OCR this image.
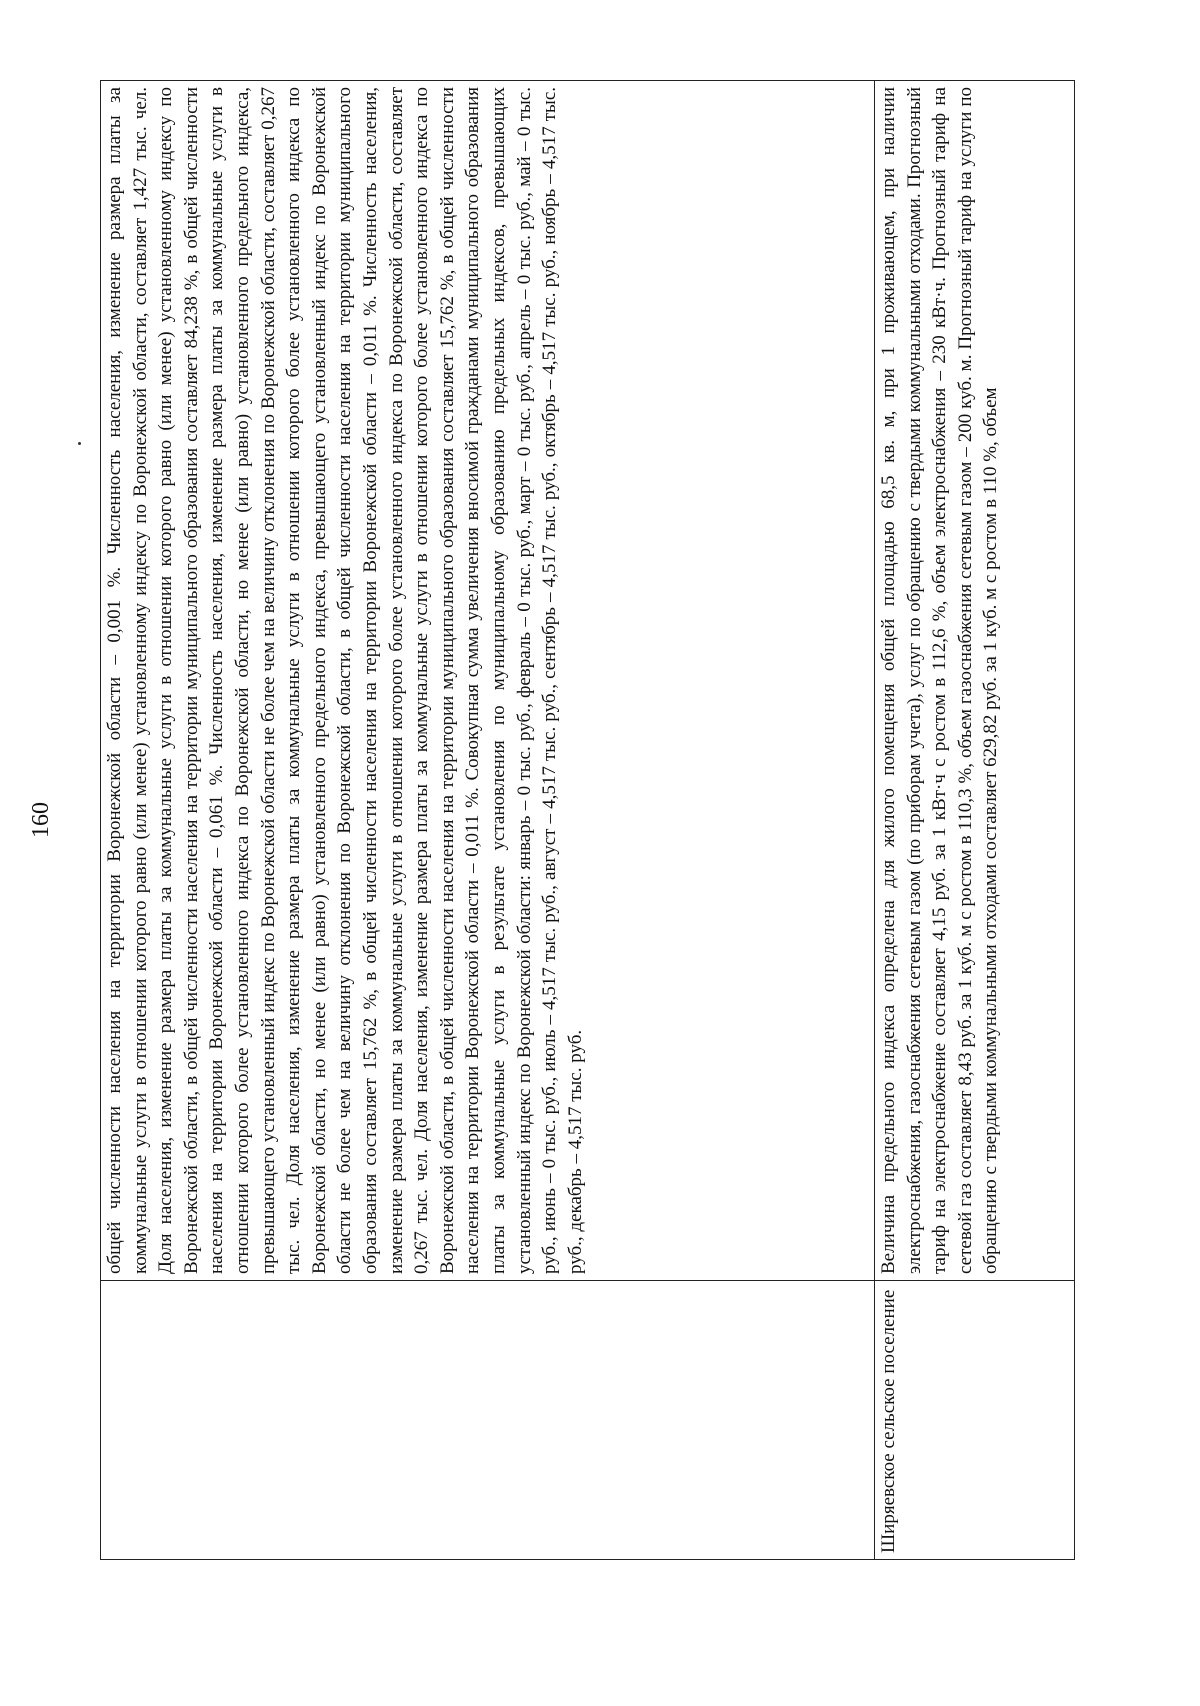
160
		общей численности населения на территории Воронежской области – 0,001 %. Численность населения, изменение размера платы за коммунальные услуги в отношении которого равно (или менее) установленному индексу по Воронежской области, составляет 1,427 тыс. чел. Доля населения, изменение размера платы за коммунальные услуги в отношении которого равно (или менее) установленному индексу по Воронежской области, в общей численности населения на территории муниципального образования составляет 84,238 %, в общей численности населения на территории Воронежской области – 0,061 %. Численность населения, изменение размера платы за коммунальные услуги в отношении которого более установленного индекса по Воронежской области, но менее (или равно) установленного предельного индекса, превышающего установленный индекс по Воронежской области не более чем на величину отклонения по Воронежской области, составляет 0,267 тыс. чел. Доля населения, изменение размера платы за коммунальные услуги в отношении которого более установленного индекса по Воронежской области, но менее (или равно) установленного предельного индекса, превышающего установленный индекс по Воронежской области не более чем на величину отклонения по Воронежской области, в общей численности населения на территории муниципального образования составляет 15,762 %, в общей численности населения на территории Воронежской области – 0,011 %. Численность населения, изменение размера платы за коммунальные услуги в отношении которого более установленного индекса по Воронежской области, составляет 0,267 тыс. чел. Доля населения, изменение размера платы за коммунальные услуги в отношении которого более установленного индекса по Воронежской области, в общей численности населения на территории муниципального образования составляет 15,762 %, в общей численности населения на территории Воронежской области – 0,011 %. Совокупная сумма увеличения вносимой гражданами муниципального образования платы за коммунальные услуги в результате установления по муниципальному образованию предельных индексов, превышающих установленный индекс по Воронежской области: январь – 0 тыс. руб., февраль – 0 тыс. руб., март – 0 тыс. руб., апрель – 0 тыс. руб., май – 0 тыс. руб., июнь – 0 тыс. руб., июль – 4,517 тыс. руб., август – 4,517 тыс. руб., сентябрь – 4,517 тыс. руб., октябрь – 4,517 тыс. руб., ноябрь – 4,517 тыс. руб., декабрь – 4,517 тыс. руб.
Ширяевское сельское поселение	Величина предельного индекса определена для жилого помещения общей площадью 68,5 кв. м, при 1 проживающем, при наличии электроснабжения, газоснабжения сетевым газом (по приборам учета), услуг по обращению с твердыми коммунальными отходами. Прогнозный тариф на электроснабжение составляет 4,15 руб. за 1 кВт·ч с ростом в 112,6 %, объем электроснабжения – 230 кВт·ч. Прогнозный тариф на сетевой газ составляет 8,43 руб. за 1 куб. м с ростом в 110,3 %, объем газоснабжения сетевым газом – 200 куб. м. Прогнозный тариф на услуги по обращению с твердыми коммунальными отходами составляет 629,82 руб. за 1 куб. м с ростом в 110 %, объем
